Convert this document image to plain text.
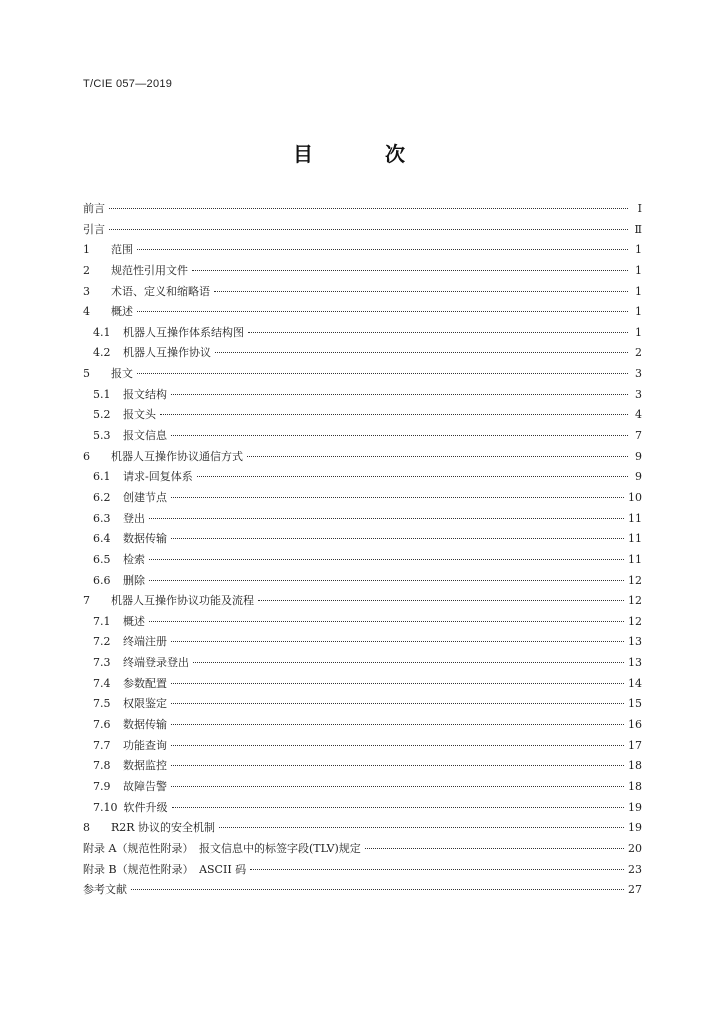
T/CIE 057—2019
目　次
前言	Ⅰ
引言	Ⅱ
1	范围	1
2	规范性引用文件	1
3	术语、定义和缩略语	1
4	概述	1
4.1	机器人互操作体系结构图	1
4.2	机器人互操作协议	2
5	报文	3
5.1	报文结构	3
5.2	报文头	4
5.3	报文信息	7
6	机器人互操作协议通信方式	9
6.1	请求-回复体系	9
6.2	创建节点	10
6.3	登出	11
6.4	数据传输	11
6.5	检索	11
6.6	删除	12
7	机器人互操作协议功能及流程	12
7.1	概述	12
7.2	终端注册	13
7.3	终端登录登出	13
7.4	参数配置	14
7.5	权限鉴定	15
7.6	数据传输	16
7.7	功能查询	17
7.8	数据监控	18
7.9	故障告警	18
7.10 软件升级	19
8	R2R 协议的安全机制	19
附录 A（规范性附录）　报文信息中的标签字段(TLV)规定	20
附录 B（规范性附录）　ASCII 码	23
参考文献	27
